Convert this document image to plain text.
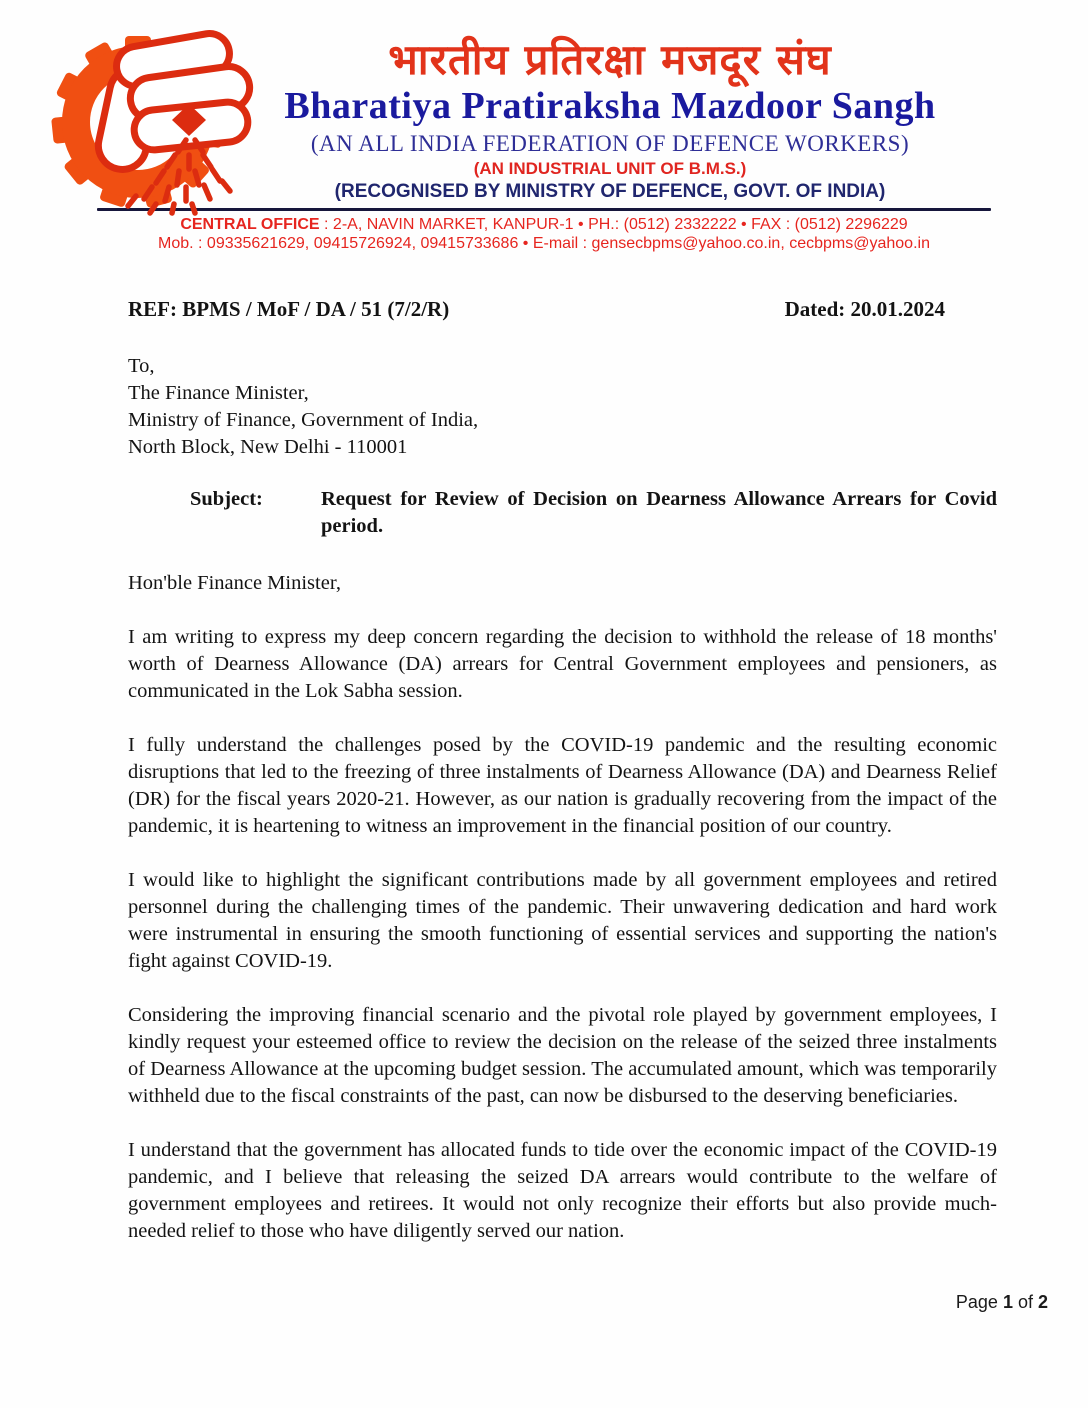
भारतीय प्रतिरक्षा मजदूर संघ
Bharatiya Pratiraksha Mazdoor Sangh
(AN ALL INDIA FEDERATION OF DEFENCE WORKERS)
(AN INDUSTRIAL UNIT OF B.M.S.)
(RECOGNISED BY MINISTRY OF DEFENCE, GOVT. OF INDIA)
CENTRAL OFFICE : 2-A, NAVIN MARKET, KANPUR-1 • PH.: (0512) 2332222 • FAX : (0512) 2296229
Mob. : 09335621629, 09415726924, 09415733686 • E-mail : gensecbpms@yahoo.co.in, cecbpms@yahoo.in
REF: BPMS / MoF / DA / 51 (7/2/R)	Dated: 20.01.2024
To,
The Finance Minister,
Ministry of Finance, Government of India,
North Block, New Delhi - 110001
Subject:	Request for Review of Decision on Dearness Allowance Arrears for Covid period.
Hon'ble Finance Minister,

I am writing to express my deep concern regarding the decision to withhold the release of 18 months' worth of Dearness Allowance (DA) arrears for Central Government employees and pensioners, as communicated in the Lok Sabha session.

I fully understand the challenges posed by the COVID-19 pandemic and the resulting economic disruptions that led to the freezing of three instalments of Dearness Allowance (DA) and Dearness Relief (DR) for the fiscal years 2020-21. However, as our nation is gradually recovering from the impact of the pandemic, it is heartening to witness an improvement in the financial position of our country.

I would like to highlight the significant contributions made by all government employees and retired personnel during the challenging times of the pandemic. Their unwavering dedication and hard work were instrumental in ensuring the smooth functioning of essential services and supporting the nation's fight against COVID-19.

Considering the improving financial scenario and the pivotal role played by government employees, I kindly request your esteemed office to review the decision on the release of the seized three instalments of Dearness Allowance at the upcoming budget session. The accumulated amount, which was temporarily withheld due to the fiscal constraints of the past, can now be disbursed to the deserving beneficiaries.

I understand that the government has allocated funds to tide over the economic impact of the COVID-19 pandemic, and I believe that releasing the seized DA arrears would contribute to the welfare of government employees and retirees. It would not only recognize their efforts but also provide much-needed relief to those who have diligently served our nation.

Page 1 of 2
